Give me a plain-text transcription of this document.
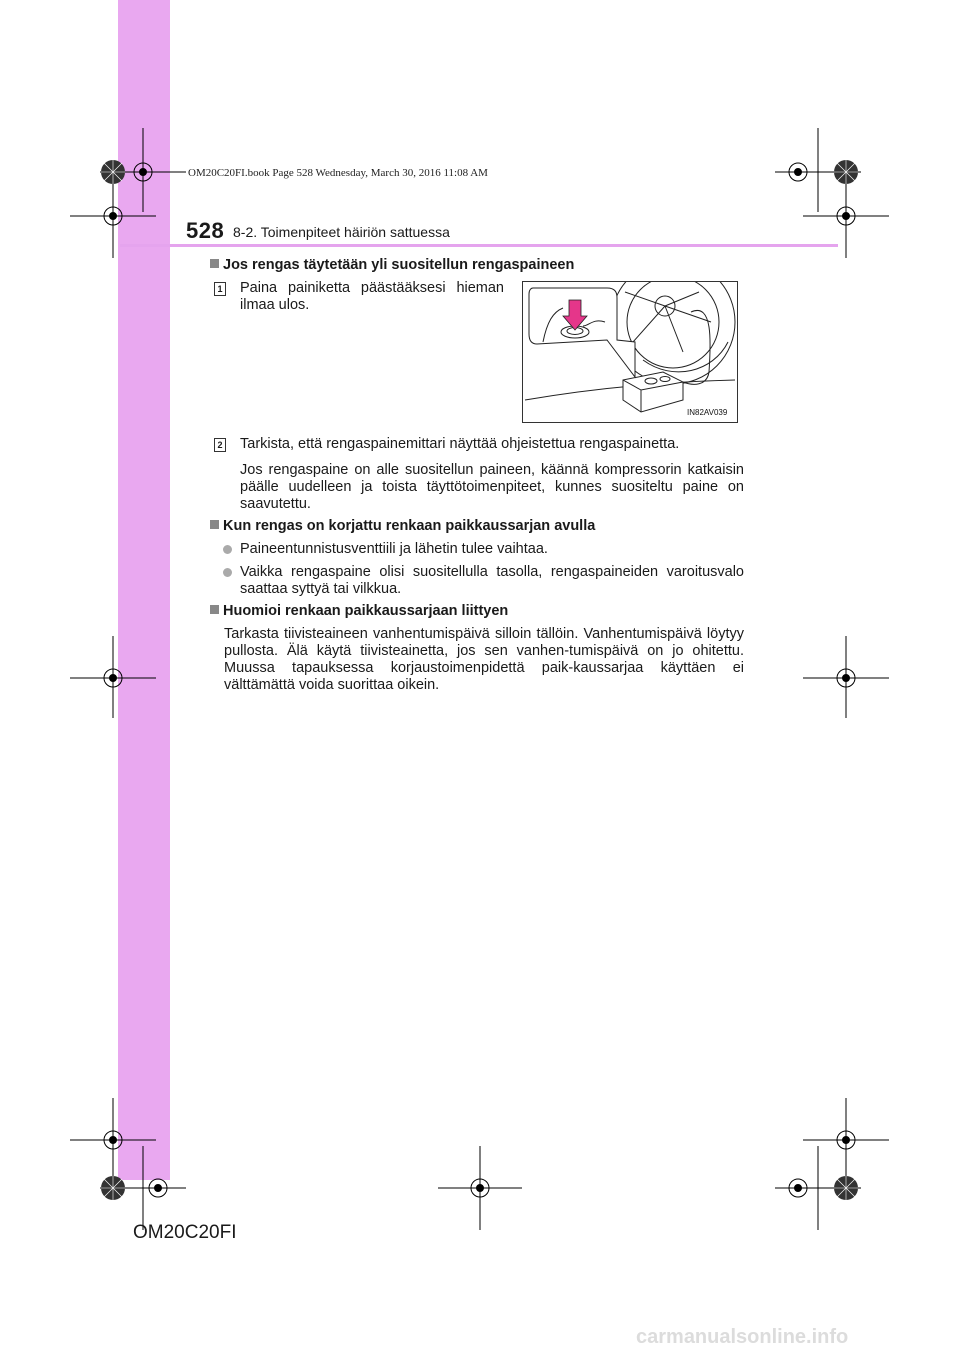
OM20C20FI.book Page 528 Wednesday, March 30, 2016 11:08 AM
528 8-2. Toimenpiteet häiriön sattuessa
Jos rengas täytetään yli suositellun rengaspaineen
1 Paina painiketta päästääksesi hieman ilmaa ulos.
IN82AV039
2 Tarkista, että rengaspainemittari näyttää ohjeistettua rengaspainetta.
Jos rengaspaine on alle suositellun paineen, käännä kompressorin katkaisin päälle uudelleen ja toista täyttötoimenpiteet, kunnes suositeltu paine on saavutettu.
Kun rengas on korjattu renkaan paikkaussarjan avulla
Paineentunnistusventtiili ja lähetin tulee vaihtaa.
Vaikka rengaspaine olisi suositellulla tasolla, rengaspaineiden varoitusvalo saattaa syttyä tai vilkkua.
Huomioi renkaan paikkaussarjaan liittyen
Tarkasta tiivisteaineen vanhentumispäivä silloin tällöin. Vanhentumispäivä löytyy pullosta. Älä käytä tiivisteainetta, jos sen vanhen-tumispäivä on jo ohitettu. Muussa tapauksessa korjaustoimenpidettä paik-kaussarjaa käyttäen ei välttämättä voida suorittaa oikein.
OM20C20FI
carmanualsonline.info
